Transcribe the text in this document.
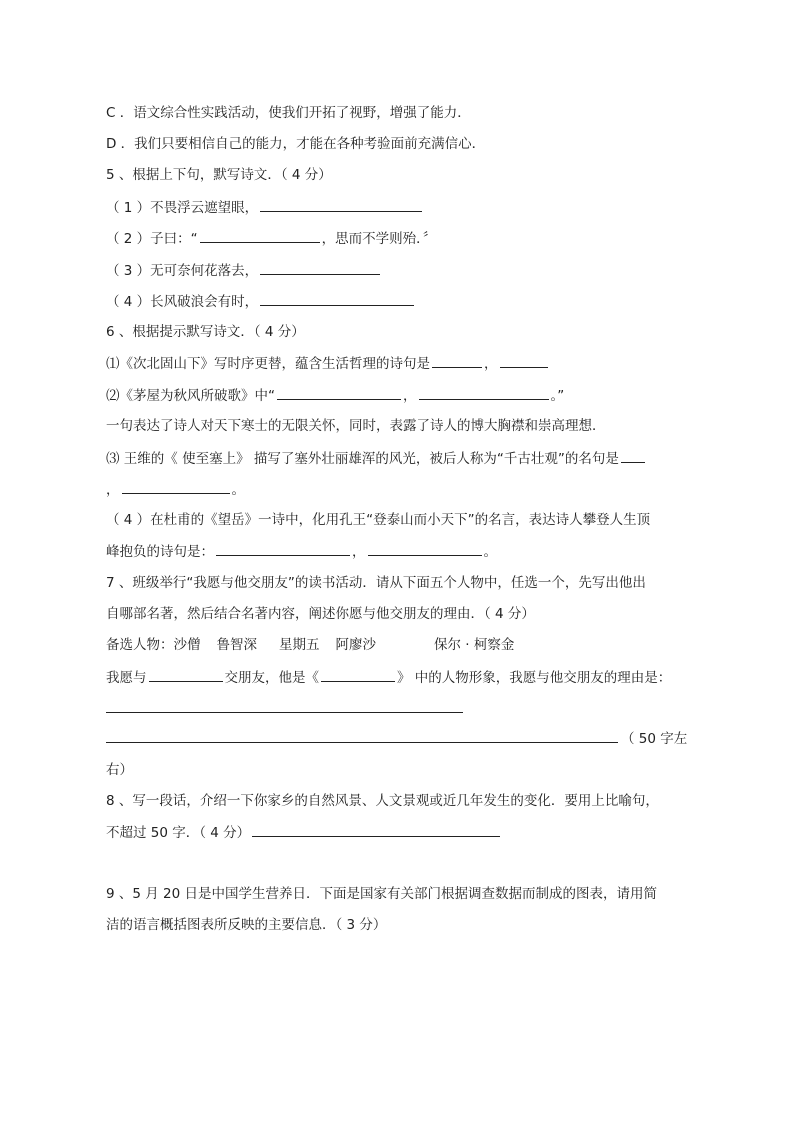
C ．语文综合性实践活动，使我们开拓了视野，增强了能力．
D ．我们只要相信自己的能力，才能在各种考验面前充满信心．
5 、根据上下句，默写诗文．（ 4 分）
（ 1 ）不畏浮云遮望眼，
（ 2 ）子曰：“	，思而不学则殆．〞
（ 3 ）无可奈何花落去，
（ 4 ）长风破浪会有时，
6 、根据提示默写诗文．（ 4 分）
⑴《次北固山下》写时序更替，蕴含生活哲理的诗句是	，
⑵《茅屋为秋风所破歌》中“	，	。”
一句表达了诗人对天下寒士的无限关怀，同时，表露了诗人的博大胸襟和崇高理想．
⑶ 王维的《 使至塞上》 描写了塞外壮丽雄浑的风光，被后人称为“千古壮观”的名句是
，	。
（ 4 ）在杜甫的《望岳》一诗中，化用孔王“登泰山而小天下”的名言，表达诗人攀登人生顶
峰抱负的诗句是：	，	。
7 、班级举行“我愿与他交朋友”的读书活动．请从下面五个人物中，任选一个，先写出他出
自哪部名著，然后结合名著内容，阐述你愿与他交朋友的理由．（ 4 分）
备选人物：沙僧 鲁智深 星期五 阿廖沙	保尔 · 柯察金
我愿与	交朋友，他是《	》 中的人物形象，我愿与他交朋友的理由是：
（ 50 字左
右）
8 、写一段话，介绍一下你家乡的自然风景、人文景观或近几年发生的变化．要用上比喻句，
不超过 50 字．（ 4 分）
9 、5 月 20 日是中国学生营养日．下面是国家有关部门根据调查数据而制成的图表，请用简
洁的语言概括图表所反映的主要信息．（ 3 分）
